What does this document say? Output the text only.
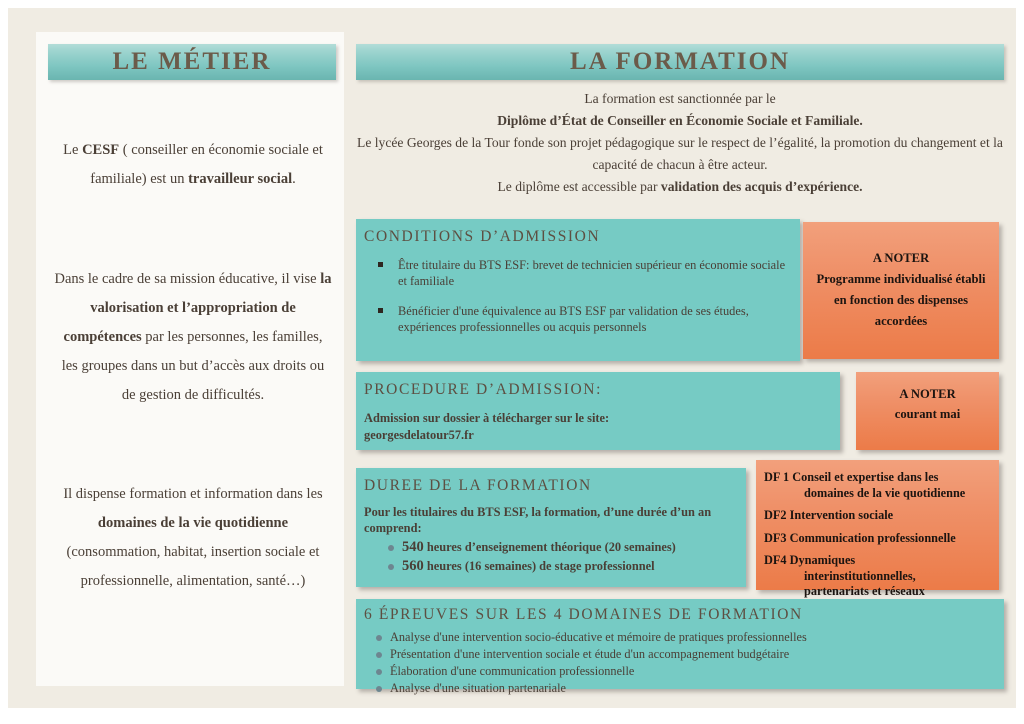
LE MÉTIER
Le CESF ( conseiller en économie sociale et familiale) est un travailleur social.
Dans le cadre de sa mission éducative, il vise la valorisation et l’appropriation de compétences par les personnes, les familles, les groupes dans un but d’accès aux droits ou de gestion de difficultés.
Il dispense formation et information dans les domaines de la vie quotidienne (consommation, habitat, insertion sociale et professionnelle, alimentation, santé…)
LA FORMATION
La formation est sanctionnée par le
Diplôme d’État de Conseiller en Économie Sociale et Familiale.
Le lycée Georges de la Tour fonde son projet pédagogique sur le respect de l’égalité, la promotion du changement et la capacité de chacun à être acteur.
Le diplôme est accessible par validation des acquis d’expérience.
CONDITIONS D’ADMISSION
Être titulaire du BTS ESF: brevet de technicien supérieur en économie sociale et familiale
Bénéficier d'une équivalence au BTS ESF par validation de ses études, expériences professionnelles ou acquis personnels
A NOTER
Programme individualisé établi
en fonction des dispenses
accordées
PROCEDURE D’ADMISSION:
Admission sur dossier à télécharger sur le site:
georgesdelatour57.fr
A NOTER
courant mai
DUREE DE LA FORMATION
Pour les titulaires du BTS ESF, la formation, d’une durée d’un an comprend:
540 heures d’enseignement théorique (20 semaines)
560 heures (16 semaines) de stage professionnel
DF 1 Conseil et expertise dans les
domaines de la vie quotidienne
DF2 Intervention sociale
DF3 Communication professionnelle
DF4 Dynamiques
interinstitutionnelles,
partenariats et réseaux
6 ÉPREUVES SUR LES 4 DOMAINES DE FORMATION
Analyse d'une intervention socio-éducative et mémoire de pratiques professionnelles
Présentation d'une intervention sociale et étude d'un accompagnement budgétaire
Élaboration d'une communication professionnelle
Analyse d'une situation partenariale
